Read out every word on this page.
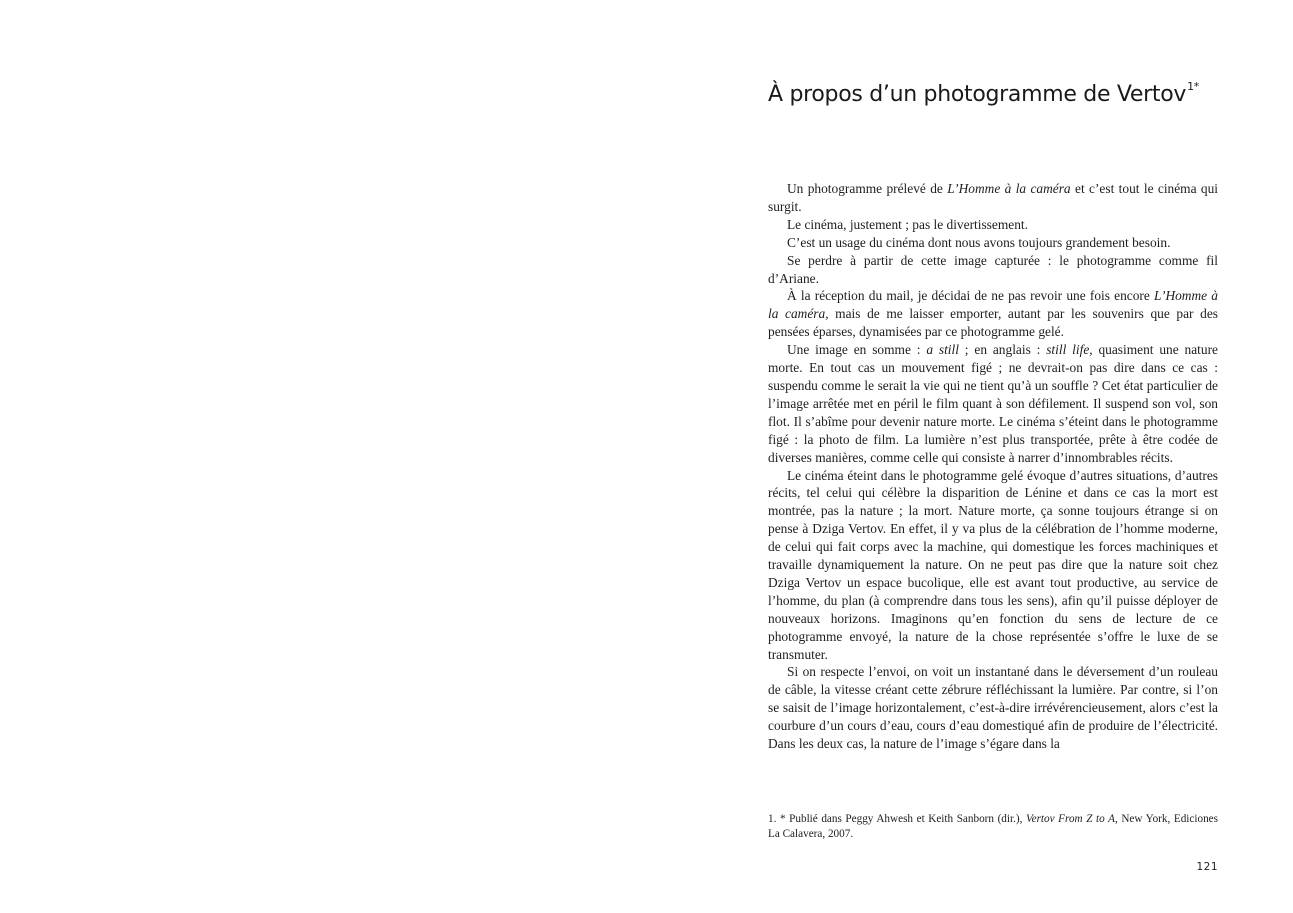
À propos d’un photogramme de Vertov$^{1*}$

Un photogramme prélevé de L’Homme à la caméra et c’est tout le cinéma qui surgit.

Le cinéma, justement ; pas le divertissement.

C’est un usage du cinéma dont nous avons toujours grandement besoin.

Se perdre à partir de cette image capturée : le photogramme comme fil d’Ariane.

À la réception du mail, je décidai de ne pas revoir une fois encore L’Homme à la caméra, mais de me laisser emporter, autant par les souvenirs que par des pensées éparses, dynamisées par ce photogramme gelé.

Une image en somme : a still ; en anglais : still life, quasiment une nature morte. En tout cas un mouvement figé ; ne devrait-on pas dire dans ce cas : suspendu comme le serait la vie qui ne tient qu’à un souffle ? Cet état particulier de l’image arrêtée met en péril le film quant à son défilement. Il suspend son vol, son flot. Il s’abîme pour devenir nature morte. Le cinéma s’éteint dans le photogramme figé : la photo de film. La lumière n’est plus transportée, prête à être codée de diverses manières, comme celle qui consiste à narrer d’innombrables récits.

Le cinéma éteint dans le photogramme gelé évoque d’autres situations, d’autres récits, tel celui qui célèbre la disparition de Lénine et dans ce cas la mort est montrée, pas la nature ; la mort. Nature morte, ça sonne toujours étrange si on pense à Dziga Vertov. En effet, il y va plus de la célébration de l’homme moderne, de celui qui fait corps avec la machine, qui domestique les forces machiniques et travaille dynamiquement la nature. On ne peut pas dire que la nature soit chez Dziga Vertov un espace bucolique, elle est avant tout productive, au service de l’homme, du plan (à comprendre dans tous les sens), afin qu’il puisse déployer de nouveaux horizons. Imaginons qu’en fonction du sens de lecture de ce photogramme envoyé, la nature de la chose représentée s’offre le luxe de se transmuter.

Si on respecte l’envoi, on voit un instantané dans le déversement d’un rouleau de câble, la vitesse créant cette zébrure réfléchissant la lumière. Par contre, si l’on se saisit de l’image horizontalement, c’est-à-dire irrévérencieusement, alors c’est la courbure d’un cours d’eau, cours d’eau domestiqué afin de produire de l’électricité. Dans les deux cas, la nature de l’image s’égare dans la

1. * Publié dans Peggy Ahwesh et Keith Sanborn (dir.), Vertov From Z to A, New York, Ediciones La Calavera, 2007.
121
